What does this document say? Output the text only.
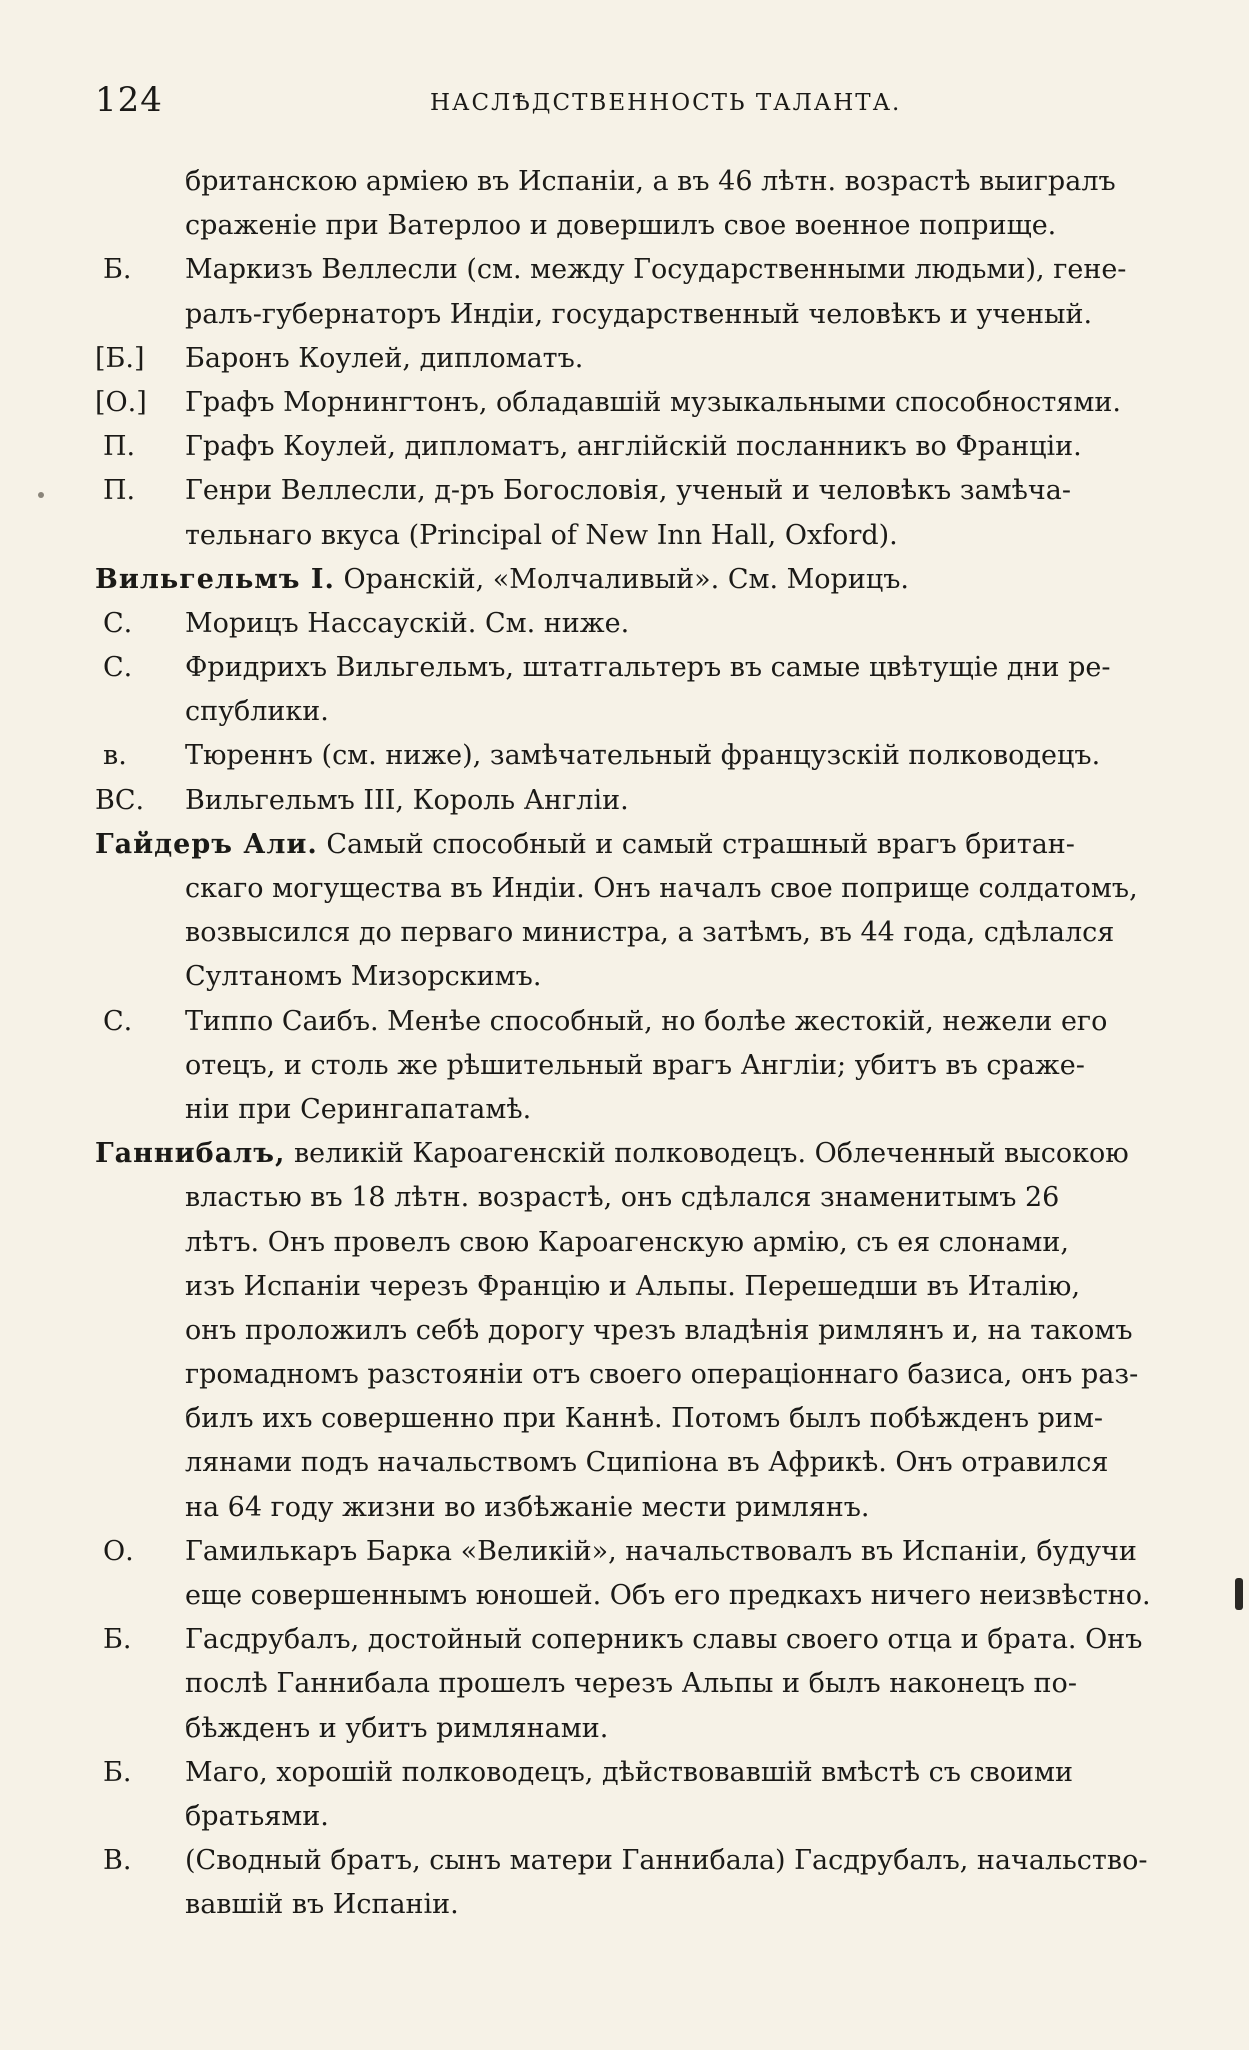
124	НАСЛѢДСТВЕННОСТЬ ТАЛАНТА.
британскою арміею въ Испаніи, а въ 46 лѣтн. возрастѣ выигралъ
сраженіе при Ватерлоо и довершилъ свое военное поприще.
Б.	Маркизъ Веллесли (см. между Государственными людьми), гене-
ралъ-губернаторъ Индіи, государственный человѣкъ и ученый.
[Б.]	Баронъ Коулей, дипломатъ.
[О.]	Графъ Морнингтонъ, обладавшій музыкальными способностями.
П.	Графъ Коулей, дипломатъ, англійскій посланникъ во Франціи.
П.	Генри Веллесли, д-ръ Богословія, ученый и человѣкъ замѣча-
тельнаго вкуса (Principal of New Inn Hall, Oxford).
Вильгельмъ I. Оранскій, «Молчаливый». См. Морицъ.
С.	Морицъ Нассаускій. См. ниже.
С.	Фридрихъ Вильгельмъ, штатгальтеръ въ самые цвѣтущіе дни ре-
спублики.
в.	Тюреннъ (см. ниже), замѣчательный французскій полководецъ.
ВС.	Вильгельмъ III, Король Англіи.
Гайдеръ Али. Самый способный и самый страшный врагъ британ-
скаго могущества въ Индіи. Онъ началъ свое поприще солдатомъ,
возвысился до перваго министра, а затѣмъ, въ 44 года, сдѣлался
Султаномъ Мизорскимъ.
С.	Типпо Саибъ. Менѣе способный, но болѣе жестокій, нежели его
отецъ, и столь же рѣшительный врагъ Англіи; убитъ въ сраже-
ніи при Серингапатамѣ.
Ганнибалъ, великій Кароагенскій полководецъ. Облеченный высокою
властью въ 18 лѣтн. возрастѣ, онъ сдѣлался знаменитымъ 26
лѣтъ. Онъ провелъ свою Кароагенскую армію, съ ея слонами,
изъ Испаніи черезъ Францію и Альпы. Перешедши въ Италію,
онъ проложилъ себѣ дорогу чрезъ владѣнія римлянъ и, на такомъ
громадномъ разстояніи отъ своего операціоннаго базиса, онъ раз-
билъ ихъ совершенно при Каннѣ. Потомъ былъ побѣжденъ рим-
лянами подъ начальствомъ Сципіона въ Африкѣ. Онъ отравился
на 64 году жизни во избѣжаніе мести римлянъ.
О.	Гамилькаръ Барка «Великій», начальствовалъ въ Испаніи, будучи
еще совершеннымъ юношей. Объ его предкахъ ничего неизвѣстно.
Б.	Гасдрубалъ, достойный соперникъ славы своего отца и брата. Онъ
послѣ Ганнибала прошелъ черезъ Альпы и былъ наконецъ по-
бѣжденъ и убитъ римлянами.
Б.	Маго, хорошій полководецъ, дѣйствовавшій вмѣстѣ съ своими
братьями.
В.	(Сводный братъ, сынъ матери Ганнибала) Гасдрубалъ, начальство-
вавшій въ Испаніи.
